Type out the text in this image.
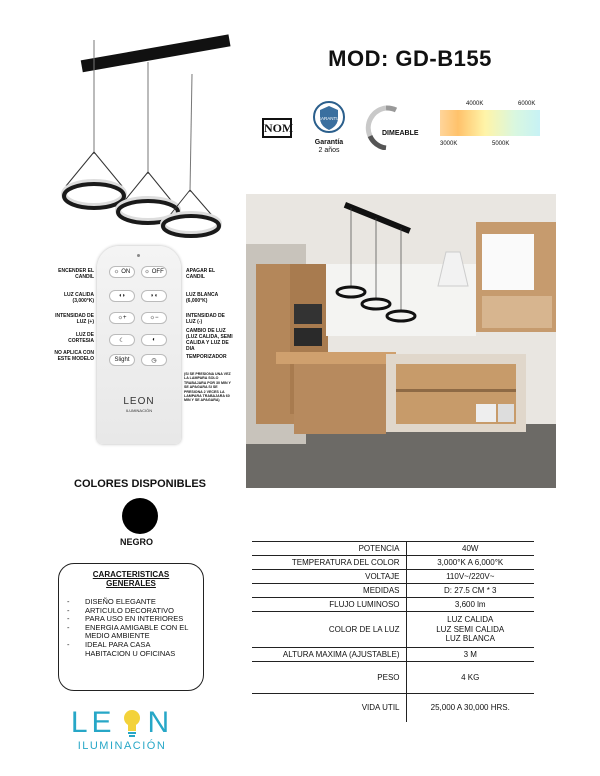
MOD: GD-B155
NOM
GARANTIA
Garantía
2 años
DIMEABLE
4000K	6000K
3000K	5000K
☼ ON ☼ OFF
◖◗	◗◖
☼+	☼−
☾	◐
Slight	◷
LEON
ILUMINACIÓN
ENCENDER EL CANDIL
LUZ CALIDA (3,000°K)
INTENSIDAD DE LUZ (+)
LUZ DE CORTESIA
NO APLICA CON ESTE MODELO
APAGAR EL CANDIL
LUZ BLANCA (6,000°K)
INTENSIDAD DE LUZ (-)
CAMBIO DE LUZ (LUZ CALIDA, SEMI CALIDA Y LUZ DE DIA
TEMPORIZADOR
(SI SE PRESIONA UNA VEZ LA LAMPARA SOLO TRABAJARA POR 30 MIN Y SE APAGARA SI SE PRESIONA 2 VECES LA LAMPARA TRABAJARA 60 MIN Y SE APAGARA)
COLORES DISPONIBLES
NEGRO
CARACTERISTICAS GENERALES
- DISEÑO ELEGANTE
- ARTICULO DECORATIVO
- PARA USO EN INTERIORES
- ENERGIA AMIGABLE CON EL MEDIO AMBIENTE
- IDEAL PARA CASA HABITACION U OFICINAS
POTENCIA	40W
TEMPERATURA DEL COLOR	3,000°K A 6,000°K
VOLTAJE	110V~/220V~
MEDIDAS	D: 27.5 CM * 3
FLUJO LUMINOSO	3,600 lm
COLOR DE LA LUZ	LUZ CALIDA
LUZ SEMI CALIDA
LUZ BLANCA
ALTURA MAXIMA (AJUSTABLE)	3 M
PESO	4 KG
VIDA UTIL	25,000 A 30,000 HRS.
LE N
ILUMINACIÓN
